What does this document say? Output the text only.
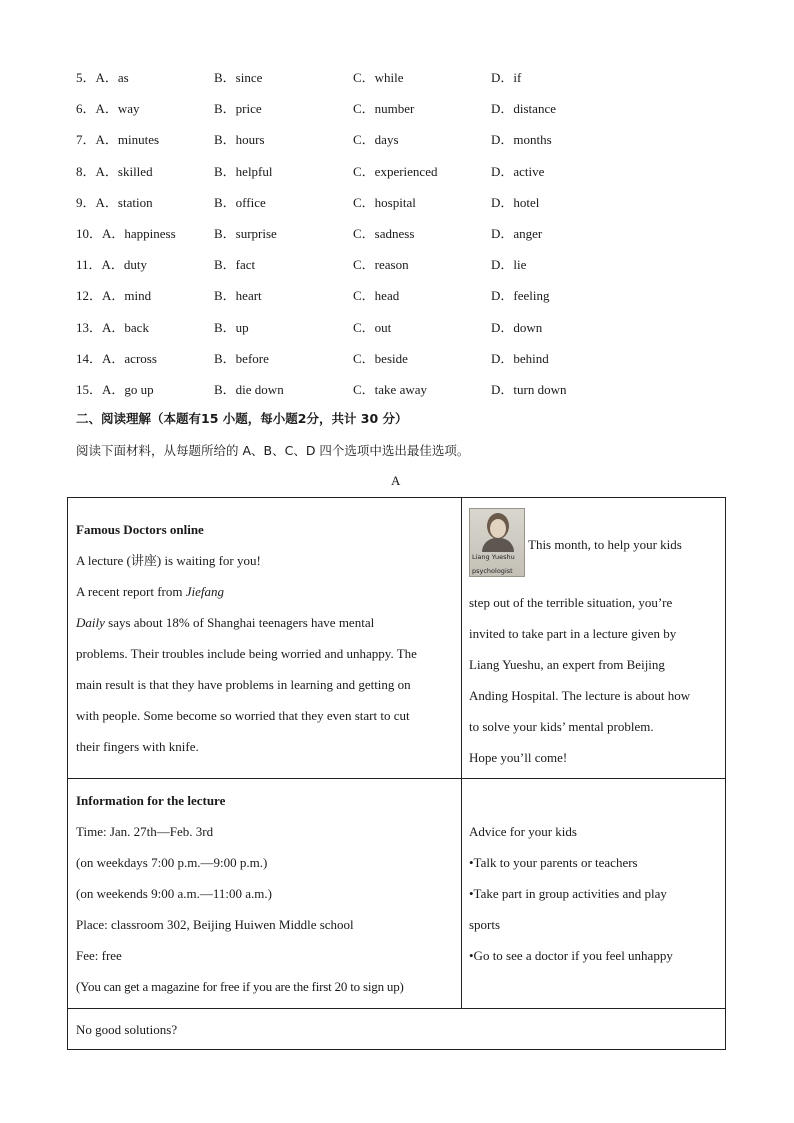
5．A．as	B．since	C．while	D．if
6．A．way	B．price	C．number	D．distance
7．A．minutes	B．hours	C．days	D．months
8．A．skilled	B．helpful	C．experienced	D．active
9．A．station	B．office	C．hospital	D．hotel
10．A．happiness	B．surprise	C．sadness	D．anger
11．A．duty	B．fact	C．reason	D．lie
12．A．mind	B．heart	C．head	D．feeling
13．A．back	B．up	C．out	D．down
14．A．across	B．before	C．beside	D．behind
15．A．go up	B．die down	C．take away	D．turn down
二、阅读理解（本题有15 小题，每小题2分，共计 30 分）
阅读下面材料，从每题所给的 A、B、C、D 四个选项中选出最佳选项。
A

Famous Doctors online

A lecture (讲座) is waiting for you!

A recent report from Jiefang

Daily says about 18% of Shanghai teenagers have mental

problems. Their troubles include being worried and unhappy. The

main result is that they have problems in learning and getting on

with people. Some become so worried that they even start to cut

their fingers with knife.

Liang Yueshu
psychologist
This month, to help your kids

step out of the terrible situation, you’re

invited to take part in a lecture given by

Liang Yueshu, an expert from Beijing

Anding Hospital. The lecture is about how

to solve your kids’ mental problem.

Hope you’ll come!

Information for the lecture

Time: Jan. 27th—Feb. 3rd

(on weekdays 7:00 p.m.—9:00 p.m.)

(on weekends 9:00 a.m.—11:00 a.m.)

Place: classroom 302, Beijing Huiwen Middle school

Fee: free

(You can get a magazine for free if you are the first 20 to sign up)

Advice for your kids

•Talk to your parents or teachers

•Take part in group activities and play

sports

•Go to see a doctor if you feel unhappy

No good solutions?
